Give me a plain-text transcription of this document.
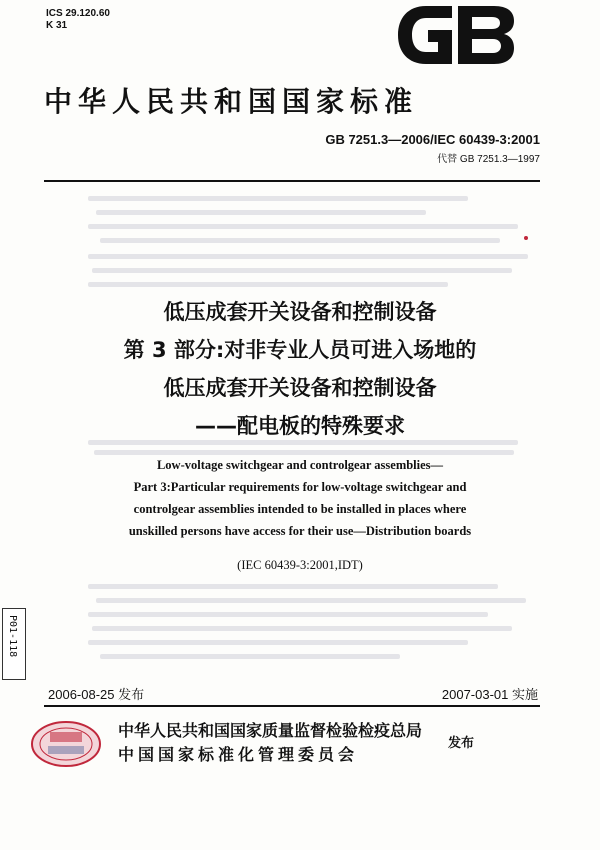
ICS 29.120.60
K 31
中华人民共和国国家标准
GB 7251.3—2006/IEC 60439-3:2001
代替 GB 7251.3—1997
低压成套开关设备和控制设备
第 3 部分:对非专业人员可进入场地的
低压成套开关设备和控制设备
——配电板的特殊要求
Low-voltage switchgear and controlgear assemblies—
Part 3:Particular requirements for low-voltage switchgear and
controlgear assemblies intended to be installed in places where
unskilled persons have access for their use—Distribution boards
(IEC 60439-3:2001,IDT)
P01-118
2006-08-25 发布	2007-03-01 实施
中华人民共和国国家质量监督检验检疫总局
中国国家标准化管理委员会
发布
